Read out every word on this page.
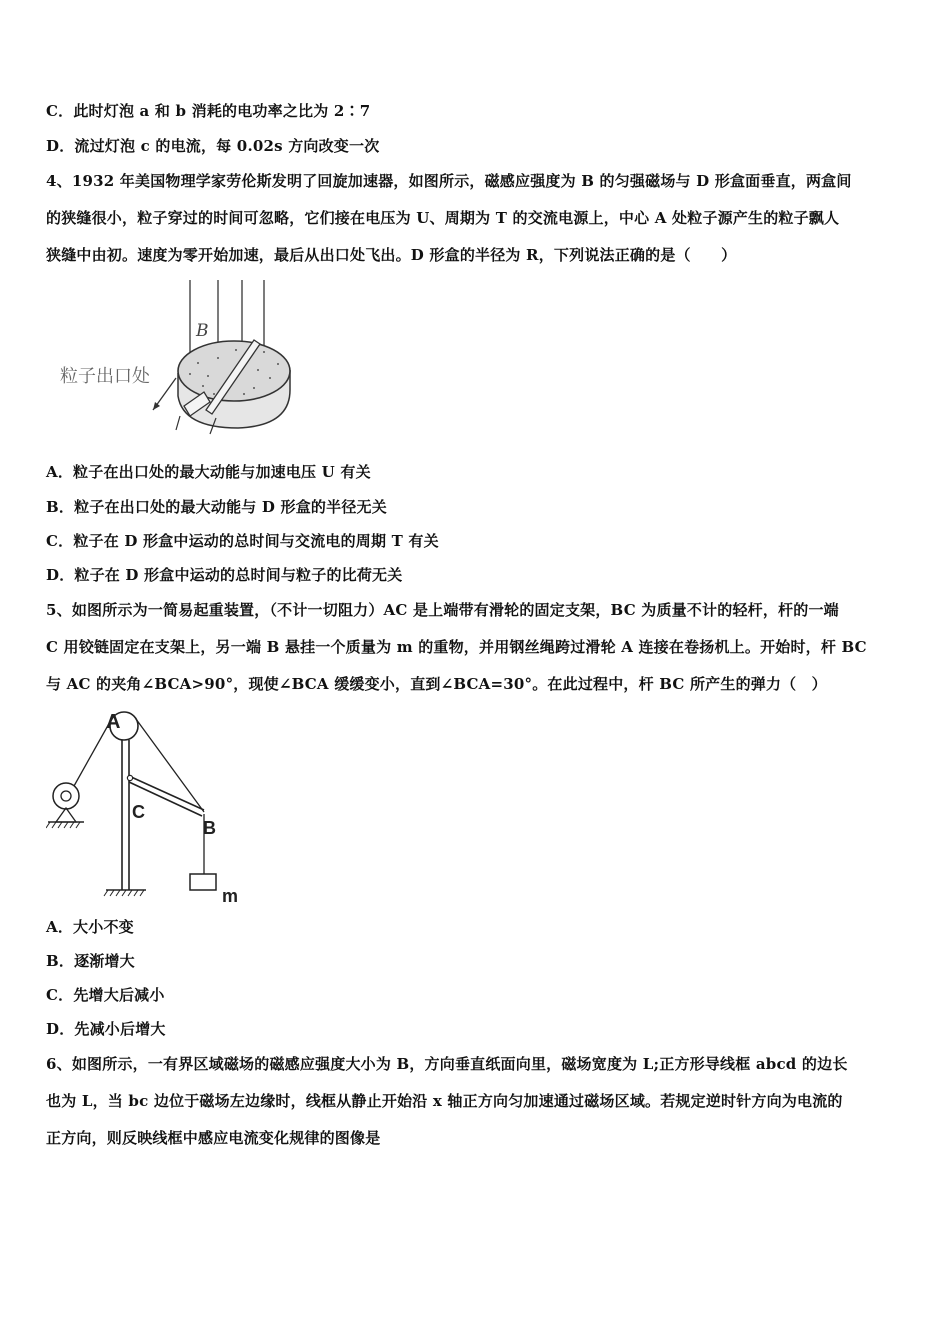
C．此时灯泡 a 和 b 消耗的电功率之比为 2∶7
D．流过灯泡 c 的电流，每 0.02s 方向改变一次
4、1932 年美国物理学家劳伦斯发明了回旋加速器，如图所示，磁感应强度为 B 的匀强磁场与 D 形盒面垂直，两盒间
的狭缝很小，粒子穿过的时间可忽略，它们接在电压为 U、周期为 T 的交流电源上，中心 A 处粒子源产生的粒子飘人
狭缝中由初。速度为零开始加速，最后从出口处飞出。D 形盒的半径为 R，下列说法正确的是（　　）
B
粒子出口处
A．粒子在出口处的最大动能与加速电压 U 有关
B．粒子在出口处的最大动能与 D 形盒的半径无关
C．粒子在 D 形盒中运动的总时间与交流电的周期 T 有关
D．粒子在 D 形盒中运动的总时间与粒子的比荷无关
5、如图所示为一简易起重装置，（不计一切阻力）AC 是上端带有滑轮的固定支架，BC 为质量不计的轻杆，杆的一端
C 用铰链固定在支架上，另一端 B 悬挂一个质量为 m 的重物，并用钢丝绳跨过滑轮 A 连接在卷扬机上。开始时，杆 BC
与 AC 的夹角∠BCA>90°，现使∠BCA 缓缓变小，直到∠BCA=30°。在此过程中，杆 BC 所产生的弹力（　）
A
C
B
m
A．大小不变
B．逐渐增大
C．先增大后减小
D．先减小后增大
6、如图所示，一有界区域磁场的磁感应强度大小为 B，方向垂直纸面向里，磁场宽度为 L;正方形导线框 abcd 的边长
也为 L，当 bc 边位于磁场左边缘时，线框从静止开始沿 x 轴正方向匀加速通过磁场区域。若规定逆时针方向为电流的
正方向，则反映线框中感应电流变化规律的图像是
